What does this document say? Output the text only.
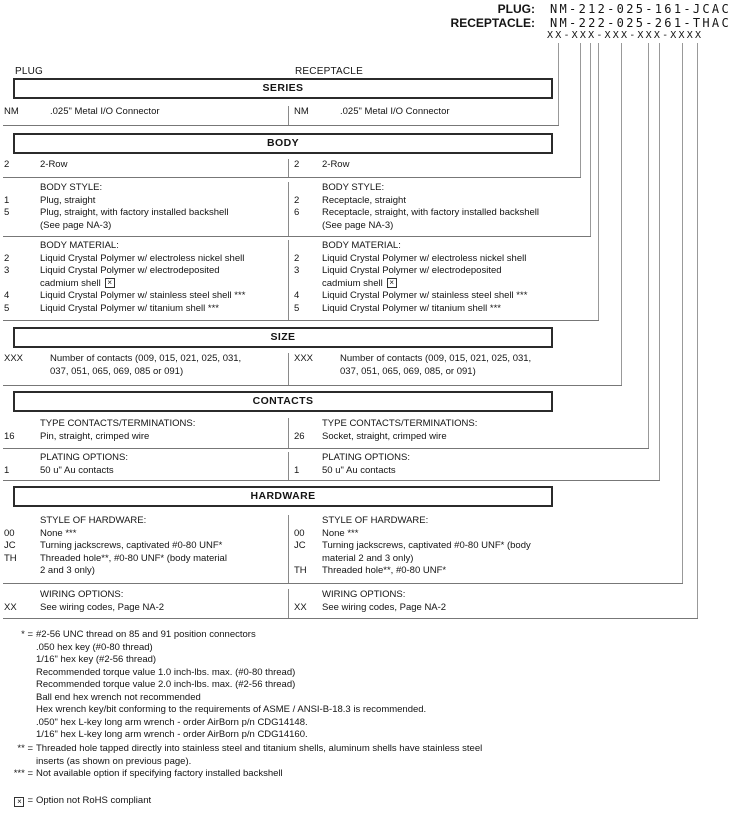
PLUG: NM-212-025-161-JCAC
RECEPTACLE: NM-222-025-261-THAC
XX-XXX-XXX-XXX-XXXX
PLUG	RECEPTACLE
SERIES
BODY
SIZE
CONTACTS
HARDWARE
NM	.025" Metal I/O Connector	NM	.025" Metal I/O Connector
2	2-Row	2	2-Row
BODY STYLE:
1	Plug, straight
5	Plug, straight, with factory installed backshell
(See page NA-3)
BODY STYLE:
2	Receptacle, straight
6	Receptacle, straight, with factory installed backshell
(See page NA-3)
BODY MATERIAL:
2	Liquid Crystal Polymer w/ electroless nickel shell
3	Liquid Crystal Polymer w/ electrodeposited
cadmium shell ×
4	Liquid Crystal Polymer w/ stainless steel shell ***
5	Liquid Crystal Polymer w/ titanium shell ***
BODY MATERIAL:
2	Liquid Crystal Polymer w/ electroless nickel shell
3	Liquid Crystal Polymer w/ electrodeposited
cadmium shell ×
4	Liquid Crystal Polymer w/ stainless steel shell ***
5	Liquid Crystal Polymer w/ titanium shell ***
XXX	Number of contacts (009, 015, 021, 025, 031,
037, 051, 065, 069, 085 or 091)
XXX	Number of contacts (009, 015, 021, 025, 031,
037, 051, 065, 069, 085, or 091)
TYPE CONTACTS/TERMINATIONS:
16	Pin, straight, crimped wire
TYPE CONTACTS/TERMINATIONS:
26	Socket, straight, crimped wire
PLATING OPTIONS:
1	50 u" Au contacts
PLATING OPTIONS:
1	50 u" Au contacts
STYLE OF HARDWARE:
00	None ***
JC	Turning jackscrews, captivated #0-80 UNF*
TH	Threaded hole**, #0-80 UNF* (body material
2 and 3 only)
STYLE OF HARDWARE:
00	None ***
JC	Turning jackscrews, captivated #0-80 UNF* (body
material 2 and 3 only)
TH	Threaded hole**, #0-80 UNF*
WIRING OPTIONS:
XX	See wiring codes, Page NA-2
WIRING OPTIONS:
XX	See wiring codes, Page NA-2
* = #2-56 UNC thread on 85 and 91 position connectors
.050 hex key (#0-80 thread)
1/16" hex key (#2-56 thread)
Recommended torque value 1.0 inch-lbs. max. (#0-80 thread)
Recommended torque value 2.0 inch-lbs. max. (#2-56 thread)
Ball end hex wrench not recommended
Hex wrench key/bit conforming to the requirements of ASME / ANSI-B-18.3 is recommended.
.050" hex L-key long arm wrench - order AirBorn p/n CDG14148.
1/16" hex L-key long arm wrench - order AirBorn p/n CDG14160.
** = Threaded hole tapped directly into stainless steel and titanium shells, aluminum shells have stainless steel
inserts (as shown on previous page).
*** = Not available option if specifying factory installed backshell
× = Option not RoHS compliant
